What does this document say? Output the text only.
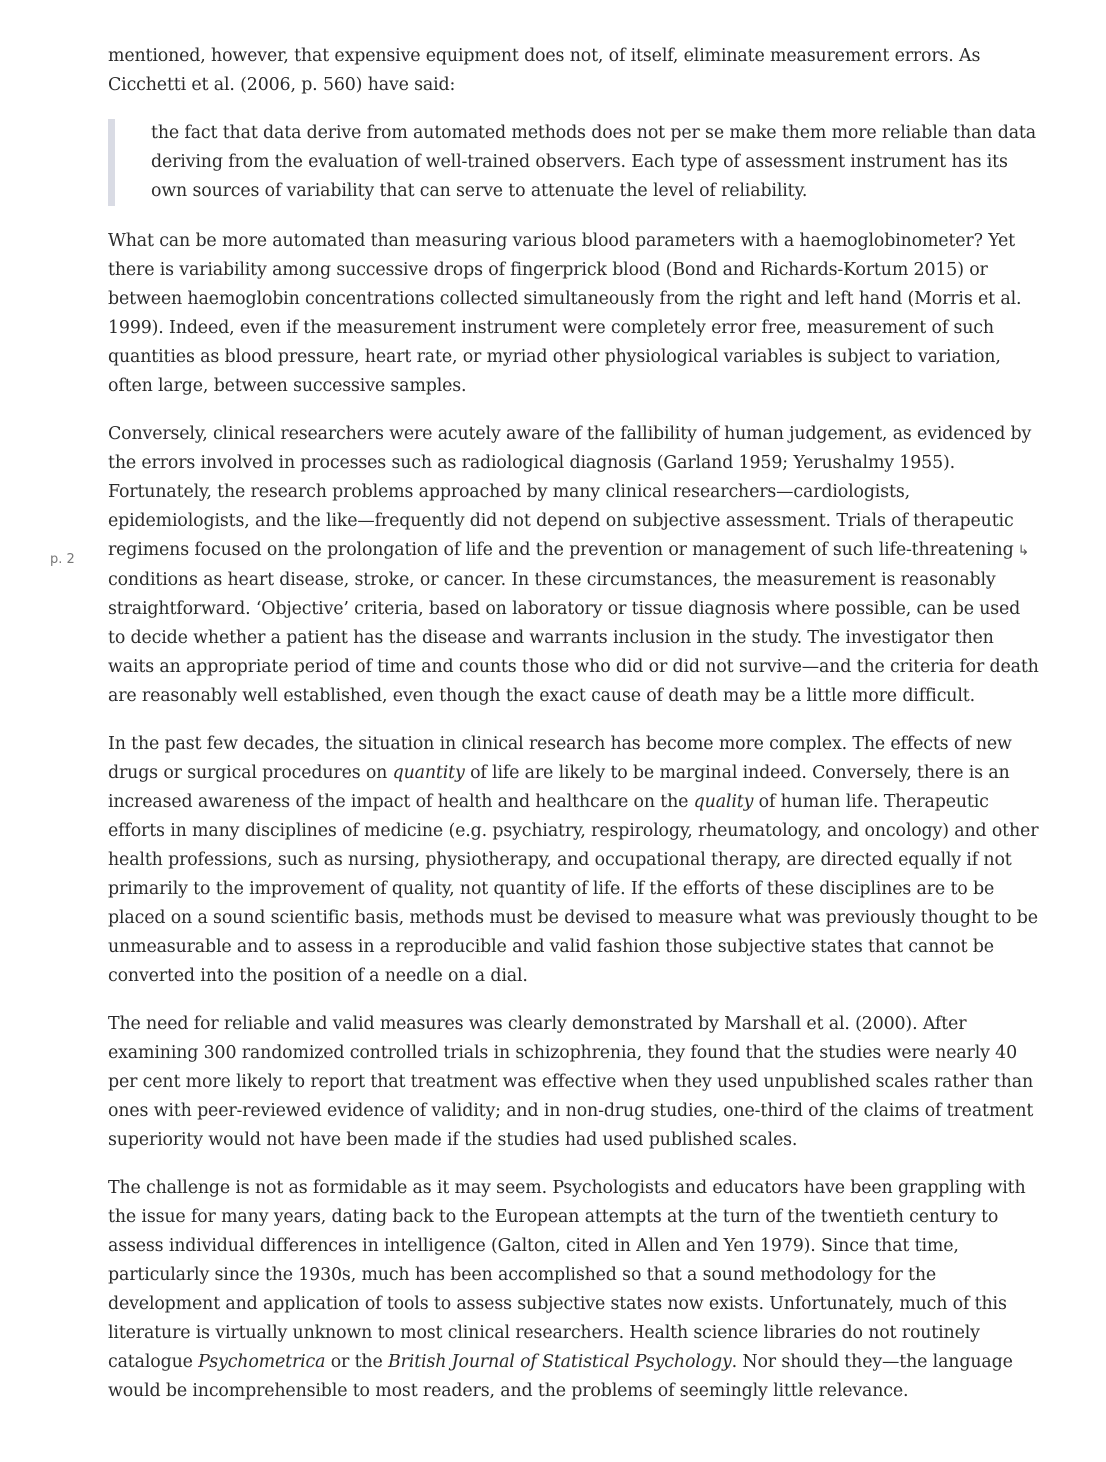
p. 2

mentioned, however, that expensive equipment does not, of itself, eliminate measurement errors. As Cicchetti et al. (2006, p. 560) have said:

the fact that data derive from automated methods does not per se make them more reliable than data deriving from the evaluation of well-trained observers. Each type of assessment instrument has its own sources of variability that can serve to attenuate the level of reliability.

What can be more automated than measuring various blood parameters with a haemoglobinometer? Yet there is variability among successive drops of fingerprick blood (Bond and Richards-Kortum 2015) or between haemoglobin concentrations collected simultaneously from the right and left hand (Morris et al. 1999). Indeed, even if the measurement instrument were completely error free, measurement of such quantities as blood pressure, heart rate, or myriad other physiological variables is subject to variation, often large, between successive samples.

Conversely, clinical researchers were acutely aware of the fallibility of human judgement, as evidenced by the errors involved in processes such as radiological diagnosis (Garland 1959; Yerushalmy 1955). Fortunately, the research problems approached by many clinical researchers—cardiologists, epidemiologists, and the like—frequently did not depend on subjective assessment. Trials of therapeutic regimens focused on the prolongation of life and the prevention or management of such life-threatening ↳ conditions as heart disease, stroke, or cancer. In these circumstances, the measurement is reasonably straightforward. ‘Objective’ criteria, based on laboratory or tissue diagnosis where possible, can be used to decide whether a patient has the disease and warrants inclusion in the study. The investigator then waits an appropriate period of time and counts those who did or did not survive—and the criteria for death are reasonably well established, even though the exact cause of death may be a little more difficult.

In the past few decades, the situation in clinical research has become more complex. The effects of new drugs or surgical procedures on quantity of life are likely to be marginal indeed. Conversely, there is an increased awareness of the impact of health and healthcare on the quality of human life. Therapeutic efforts in many disciplines of medicine (e.g. psychiatry, respirology, rheumatology, and oncology) and other health professions, such as nursing, physiotherapy, and occupational therapy, are directed equally if not primarily to the improvement of quality, not quantity of life. If the efforts of these disciplines are to be placed on a sound scientific basis, methods must be devised to measure what was previously thought to be unmeasurable and to assess in a reproducible and valid fashion those subjective states that cannot be converted into the position of a needle on a dial.

The need for reliable and valid measures was clearly demonstrated by Marshall et al. (2000). After examining 300 randomized controlled trials in schizophrenia, they found that the studies were nearly 40 per cent more likely to report that treatment was effective when they used unpublished scales rather than ones with peer-reviewed evidence of validity; and in non-drug studies, one-third of the claims of treatment superiority would not have been made if the studies had used published scales.

The challenge is not as formidable as it may seem. Psychologists and educators have been grappling with the issue for many years, dating back to the European attempts at the turn of the twentieth century to assess individual differences in intelligence (Galton, cited in Allen and Yen 1979). Since that time, particularly since the 1930s, much has been accomplished so that a sound methodology for the development and application of tools to assess subjective states now exists. Unfortunately, much of this literature is virtually unknown to most clinical researchers. Health science libraries do not routinely catalogue Psychometrica or the British Journal of Statistical Psychology. Nor should they—the language would be incomprehensible to most readers, and the problems of seemingly little relevance.
